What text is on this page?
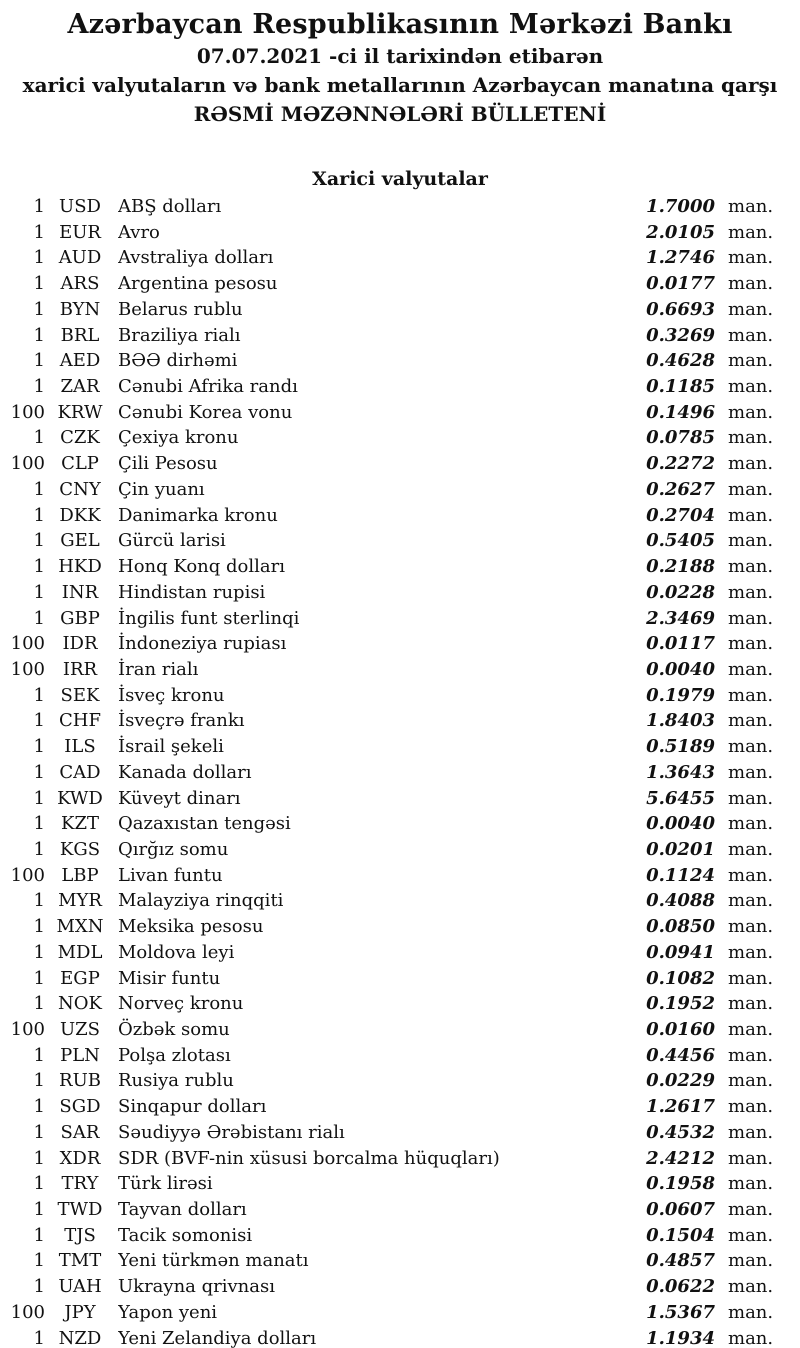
Azərbaycan Respublikasının Mərkəzi Bankı
07.07.2021 -ci il tarixindən etibarən
xarici valyutaların və bank metallarının Azərbaycan manatına qarşı
RƏSMİ MƏZƏNNƏLƏRİ BÜLLETENİ
Xarici valyutalar
1 USD ABŞ dolları	1.7000 man.
1 EUR Avro	2.0105 man.
1 AUD Avstraliya dolları	1.2746 man.
1 ARS	Argentina pesosu	0.0177 man.
1 BYN Belarus rublu	0.6693 man.
1 BRL	Braziliya rialı	0.3269 man.
1 AED BƏƏ dirhəmi	0.4628 man.
1 ZAR	Cənubi Afrika randı	0.1185 man.
100 KRW Cənubi Korea vonu	0.1496 man.
1 CZK	Çexiya kronu	0.0785 man.
100 CLP	Çili Pesosu	0.2272 man.
1 CNY Çin yuanı	0.2627 man.
1 DKK Danimarka kronu	0.2704 man.
1 GEL	Gürcü larisi	0.5405 man.
1 HKD Honq Konq dolları	0.2188 man.
1 INR	Hindistan rupisi	0.0228 man.
1 GBP	İngilis funt sterlinqi	2.3469 man.
100 IDR	İndoneziya rupiası	0.0117 man.
100 IRR	İran rialı	0.0040 man.
1 SEK	İsveç kronu	0.1979 man.
1 CHF İsveçrə frankı	1.8403 man.
1	ILS	İsrail şekeli	0.5189 man.
1 CAD Kanada dolları	1.3643 man.
1 KWD Küveyt dinarı	5.6455 man.
1 KZT	Qazaxıstan tengəsi	0.0040 man.
1 KGS Qırğız somu	0.0201 man.
100 LBP	Livan funtu	0.1124 man.
1 MYR Malayziya rinqqiti	0.4088 man.
1 MXN Meksika pesosu	0.0850 man.
1 MDL Moldova leyi	0.0941 man.
1 EGP	Misir funtu	0.1082 man.
1 NOK Norveç kronu	0.1952 man.
100 UZS	Özbək somu	0.0160 man.
1 PLN	Polşa zlotası	0.4456 man.
1 RUB Rusiya rublu	0.0229 man.
1 SGD Sinqapur dolları	1.2617 man.
1 SAR	Səudiyyə Ərəbistanı rialı	0.4532 man.
1 XDR SDR (BVF-nin xüsusi borcalma hüquqları)	2.4212 man.
1 TRY	Türk lirəsi	0.1958 man.
1 TWD Tayvan dolları	0.0607 man.
1	TJS	Tacik somonisi	0.1504 man.
1 TMT Yeni türkmən manatı	0.4857 man.
1 UAH Ukrayna qrivnası	0.0622 man.
100	JPY	Yapon yeni	1.5367 man.
1 NZD Yeni Zelandiya dolları	1.1934 man.
